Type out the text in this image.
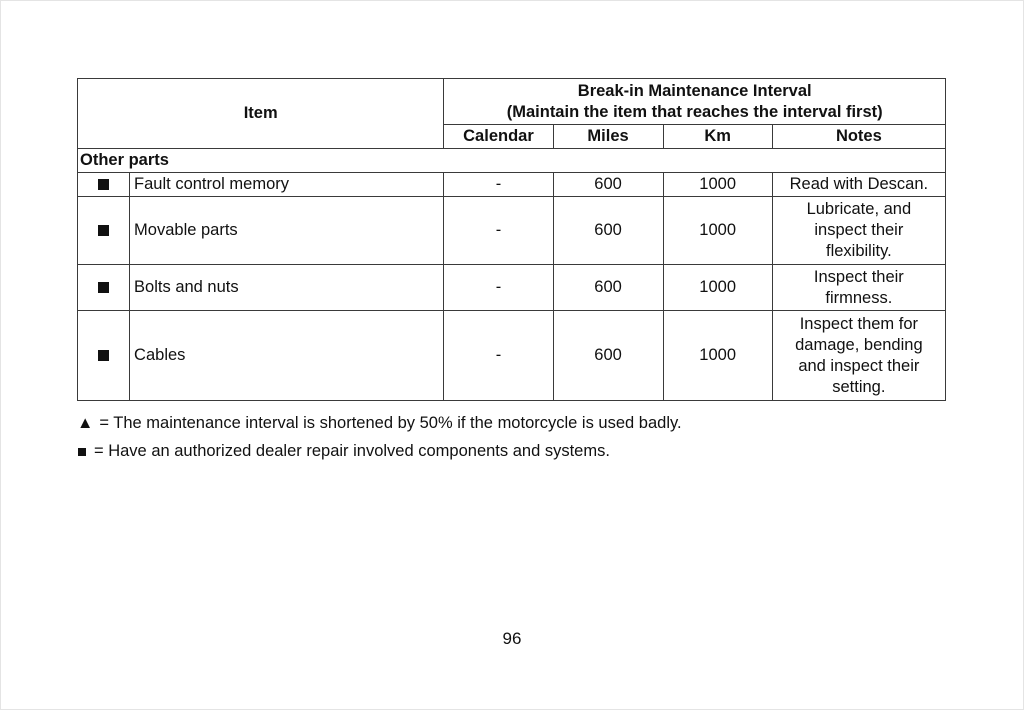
Item		Break-in Maintenance Interval
(Maintain the item that reaches the interval first)			

		Calendar	Miles	Km	Notes
Other parts					
	Fault control memory	-	600	1000	Read with Descan.
	Movable parts	-	600	1000	Lubricate, and inspect their flexibility.
	Bolts and nuts	-	600	1000	Inspect their firmness.
	Cables	-	600	1000	Inspect them for damage, bending and inspect their setting.
▲ = The maintenance interval is shortened by 50% if the motorcycle is used badly.
= Have an authorized dealer repair involved components and systems.
96
